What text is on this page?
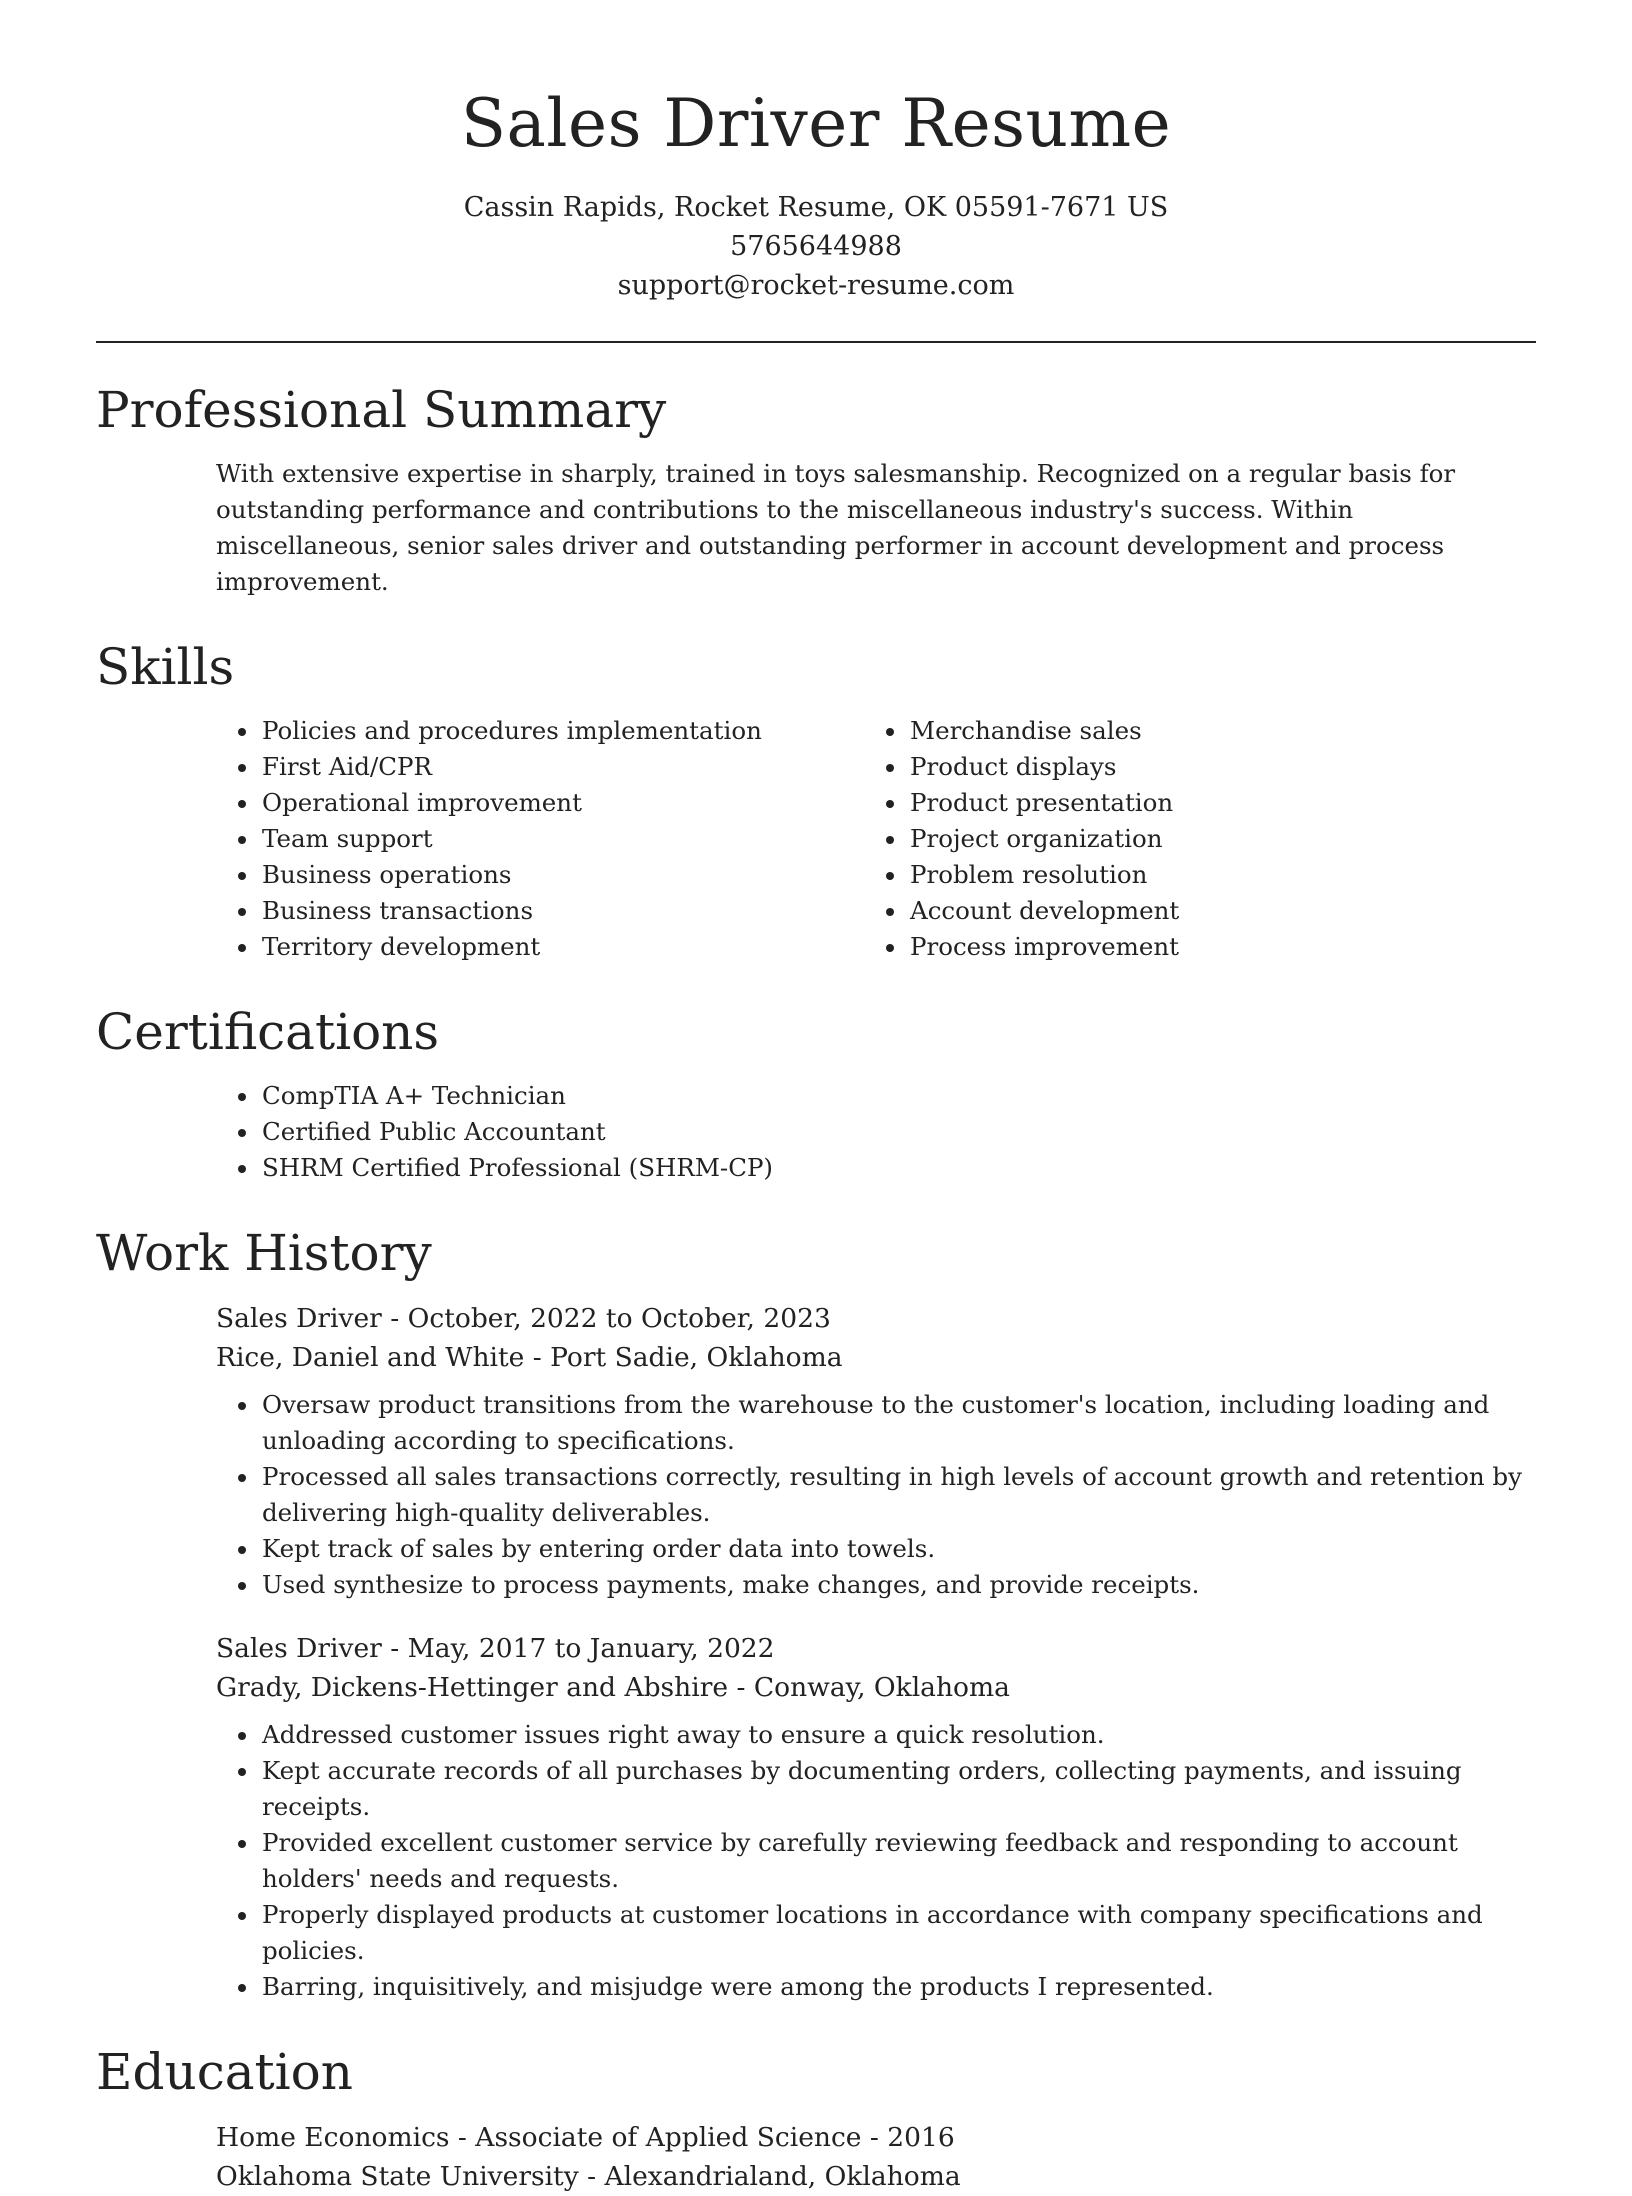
Sales Driver Resume
Cassin Rapids, Rocket Resume, OK 05591-7671 US
5765644988
support@rocket-resume.com
Professional Summary

With extensive expertise in sharply, trained in toys salesmanship. Recognized on a regular basis for outstanding performance and contributions to the miscellaneous industry's success. Within miscellaneous, senior sales driver and outstanding performer in account development and process improvement.

Skills
• Policies and procedures implementation
• First Aid/CPR
• Operational improvement
• Team support
• Business operations
• Business transactions
• Territory development
• Merchandise sales
• Product displays
• Product presentation
• Project organization
• Problem resolution
• Account development
• Process improvement
Certifications
• CompTIA A+ Technician
• Certified Public Accountant
• SHRM Certified Professional (SHRM-CP)
Work History
Sales Driver - October, 2022 to October, 2023
Rice, Daniel and White - Port Sadie, Oklahoma
• Oversaw product transitions from the warehouse to the customer's location, including loading and unloading according to specifications.
• Processed all sales transactions correctly, resulting in high levels of account growth and retention by delivering high-quality deliverables.
• Kept track of sales by entering order data into towels.
• Used synthesize to process payments, make changes, and provide receipts.
Sales Driver - May, 2017 to January, 2022
Grady, Dickens-Hettinger and Abshire - Conway, Oklahoma
• Addressed customer issues right away to ensure a quick resolution.
• Kept accurate records of all purchases by documenting orders, collecting payments, and issuing receipts.
• Provided excellent customer service by carefully reviewing feedback and responding to account holders' needs and requests.
• Properly displayed products at customer locations in accordance with company specifications and policies.
• Barring, inquisitively, and misjudge were among the products I represented.
Education
Home Economics - Associate of Applied Science - 2016
Oklahoma State University - Alexandrialand, Oklahoma
